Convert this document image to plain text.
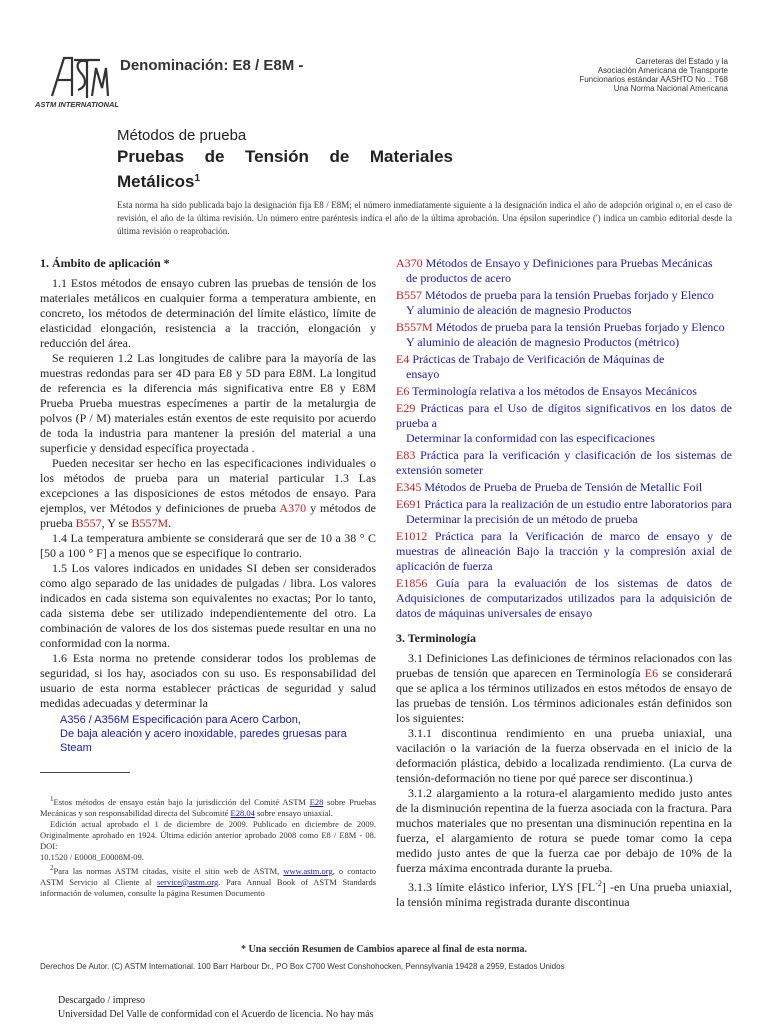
ASTM INTERNATIONAL
Denominación: E8 / E8M -	Carreteras del Estado y la
Asociación Americana de Transporte
Funcionarios estándar AASHTO No .: T68
Una Norma Nacional Americana
Métodos de prueba
Pruebas de Tensión de Materiales
Metálicos$^1$
Esta norma ha sido publicada bajo la designación fija E8 / E8M; el número inmediatamente siguiente a la designación indica el año de adopción original o, en el caso de revisión, el año de la última revisión. Un número entre paréntesis indica el año de la última aprobación. Una épsilon superíndice (') indica un cambio editorial desde la última revisión o reaprobación.
1. Ámbito de aplicación *

1.1 Estos métodos de ensayo cubren las pruebas de tensión de los materiales metálicos en cualquier forma a temperatura ambiente, en concreto, los métodos de determinación del límite elástico, límite de elasticidad elongación, resistencia a la tracción, elongación y reducción del área.

Se requieren 1.2 Las longitudes de calibre para la mayoría de las muestras redondas para ser 4D para E8 y 5D para E8M. La longitud de referencia es la diferencia más significativa entre E8 y E8M Prueba Prueba muestras especímenes a partir de la metalurgia de polvos (P / M) materiales están exentos de este requisito por acuerdo de toda la industria para mantener la presión del material a una superficie y densidad específica proyectada .

Pueden necesitar ser hecho en las especificaciones individuales o los métodos de prueba para un material particular 1.3 Las excepciones a las disposiciones de estos métodos de ensayo. Para ejemplos, ver Métodos y definiciones de prueba A370 y métodos de prueba B557, Y se B557M.

1.4 La temperatura ambiente se considerará que ser de 10 a 38 ° C [50 a 100 ° F] a menos que se especifique lo contrario.

1.5 Los valores indicados en unidades SI deben ser considerados como algo separado de las unidades de pulgadas / libra. Los valores indicados en cada sistema son equivalentes no exactas; Por lo tanto, cada sistema debe ser utilizado independientemente del otro. La combinación de valores de los dos sistemas puede resultar en una no conformidad con la norma.

1.6 Esta norma no pretende considerar todos los problemas de seguridad, si los hay, asociados con su uso. Es responsabilidad del usuario de esta norma establecer prácticas de seguridad y salud medidas adecuadas y determinar la

A356 / A356M Especificación para Acero Carbon,
De baja aleación y acero inoxidable, paredes gruesas para
Steam

$^1$Estos métodos de ensayo están bajo la jurisdicción del Comité ASTM E28 sobre Pruebas Mecánicas y son responsabilidad directa del Subcomité E28.04 sobre ensayo uniaxial.

Edición actual aprobado el 1 de diciembre de 2009. Publicado en diciembre de 2009. Originalmente aprobado en 1924. Última edición anterior aprobado 2008 como E8 / E8M - 08. DOI:

10.1520 / E0008_E0008M-09.

$^2$Para las normas ASTM citadas, visite el sitio web de ASTM, www.astm.org, o contacto ASTM Servicio al Cliente al service@astm.org. Para Annual Book of ASTM Standards información de volumen, consulte la página Resumen Documento

A370 Métodos de Ensayo y Definiciones para Pruebas Mecánicas
de productos de acero
B557 Métodos de prueba para la tensión Pruebas forjado y Elenco
Y aluminio de aleación de magnesio Productos
B557M Métodos de prueba para la tensión Pruebas forjado y Elenco
Y aluminio de aleación de magnesio Productos (métrico)
E4 Prácticas de Trabajo de Verificación de Máquinas de
ensayo
E6 Terminología relativa a los métodos de Ensayos Mecánicos
E29 Prácticas para el Uso de dígitos significativos en los datos de prueba a
Determinar la conformidad con las especificaciones
E83 Práctica para la verificación y clasificación de los sistemas de extensión someter
E345 Métodos de Prueba de Prueba de Tensión de Metallic Foil
E691 Práctica para la realización de un estudio entre laboratorios para
Determinar la precisión de un método de prueba
E1012 Práctica para la Verificación de marco de ensayo y de muestras de alineación Bajo la tracción y la compresión axial de aplicación de fuerza
E1856 Guía para la evaluación de los sistemas de datos de Adquisiciones de computarizados utilizados para la adquisición de datos de máquinas universales de ensayo
3. Terminología

3.1 Definiciones Las definiciones de términos relacionados con las pruebas de tensión que aparecen en Terminología E6 se considerará que se aplica a los términos utilizados en estos métodos de ensayo de las pruebas de tensión. Los términos adicionales están definidos son los siguientes:

3.1.1 discontinua rendimiento en una prueba uniaxial, una vacilación o la variación de la fuerza observada en el inicio de la deformación plástica, debido a localizada rendimiento. (La curva de tensión-deformación no tiene por qué parece ser discontinua.)

3.1.2 alargamiento a la rotura-el alargamiento medido justo antes de la disminución repentina de la fuerza asociada con la fractura. Para muchos materiales que no presentan una disminución repentina en la fuerza, el alargamiento de rotura se puede tomar como la cepa medido justo antes de que la fuerza cae por debajo de 10% de la fuerza máxima encontrada durante la prueba.

3.1.3 límite elástico inferior, LYS $[FL^{-2}]$ -en Una prueba uniaxial, la tensión mínima registrada durante discontinua

* Una sección Resumen de Cambios aparece al final de esta norma.
Derechos De Autor. (C) ASTM International. 100 Barr Harbour Dr., PO Box C700 West Conshohocken, Pennsylvania 19428 a 2959, Estados Unidos
Descargado / impreso
Universidad Del Valle de conformidad con el Acuerdo de licencia. No hay más
